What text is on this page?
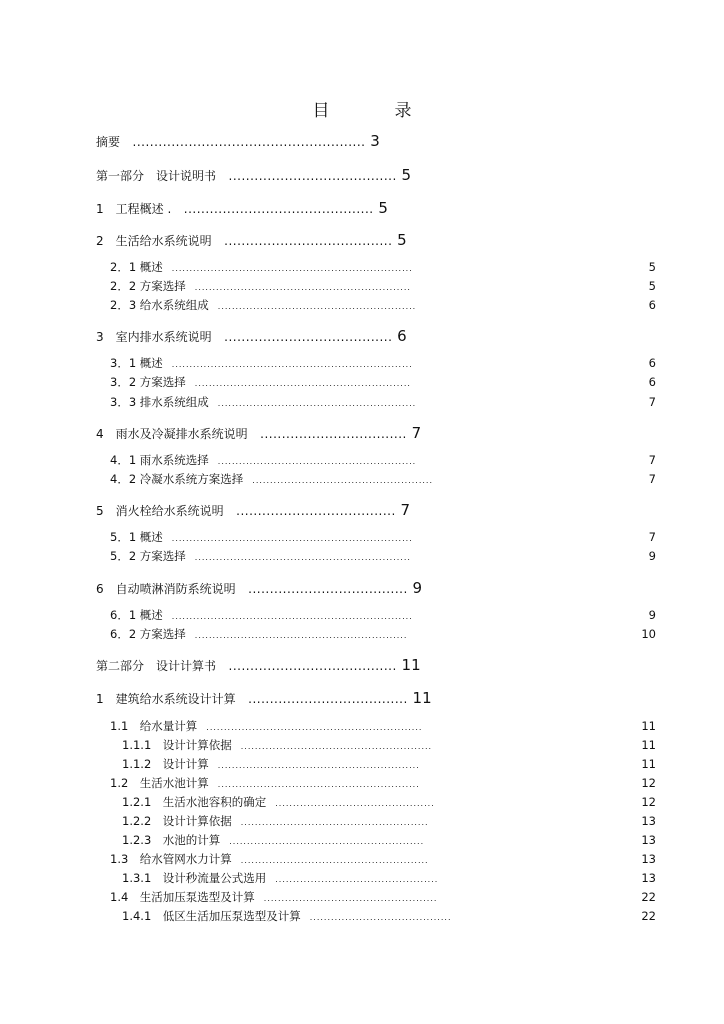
目　录
摘要　...................................................... 3
第一部分　设计说明书　....................................... 5
1　工程概述 .　............................................ 5
2　生活给水系统说明　....................................... 5
2．1 概述　....................................................................	5
2．2 方案选择　.............................................................	5
2．3 给水系统组成　........................................................	6
3　室内排水系统说明　....................................... 6
3．1 概述　....................................................................	6
3．2 方案选择　.............................................................	6
3．3 排水系统组成　........................................................	7
4　雨水及冷凝排水系统说明　.................................. 7
4．1 雨水系统选择　........................................................	7
4．2 冷凝水系统方案选择　...................................................	7
5　消火栓给水系统说明　..................................... 7
5．1 概述　....................................................................	7
5．2 方案选择　.............................................................	9
6　自动喷淋消防系统说明　..................................... 9
6．1 概述　....................................................................	9
6．2 方案选择　............................................................	10
第二部分　设计计算书　....................................... 11
1　建筑给水系统设计计算　..................................... 11
1.1　给水量计算　.............................................................	11
1.1.1　设计计算依据　......................................................	11
1.1.2　设计计算　.........................................................	11
1.2　生活水池计算　.........................................................	12
1.2.1　生活水池容积的确定　.............................................	12
1.2.2　设计计算依据　.....................................................	13
1.2.3　水池的计算　.......................................................	13
1.3　给水管网水力计算　.....................................................	13
1.3.1　设计秒流量公式选用　..............................................	13
1.4　生活加压泵选型及计算　.................................................	22
1.4.1　低区生活加压泵选型及计算　........................................	22
